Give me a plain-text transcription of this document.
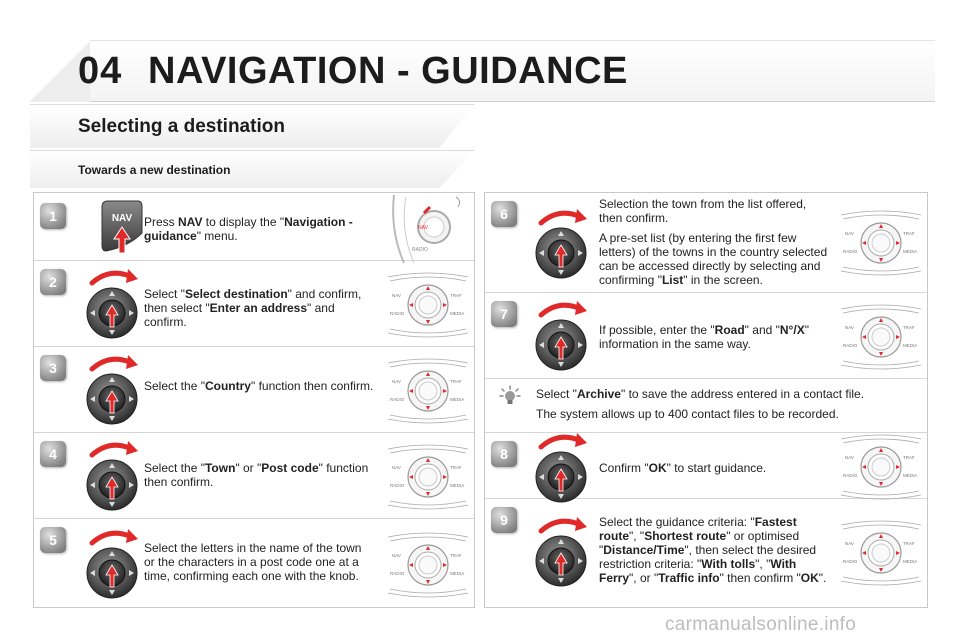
04 NAVIGATION - GUIDANCE
Selecting a destination
Towards a new destination
1	NAV Press NAV to display the "Navigation - guidance" menu.
NAV
RADIO
2
Select "Select destination" and confirm, then select "Enter an address" and confirm.
NAV	TRAF
RADIO	MEDIA
3
Select the "Country" function then confirm.	NAV	TRAF
RADIO	MEDIA
4
Select the "Town" or "Post code" function then confirm.
NAV	TRAF
RADIO	MEDIA
5	Select the letters in the name of the town or the characters in a post code one at a time, confirming each one with the knob.
NAV	TRAF
RADIO	MEDIA
6

Selection the town from the list offered, then confirm.

A pre-set list (by entering the first few letters) of the towns in the country selected can be accessed directly by selecting and confirming "List" in the screen.

NAV	TRAF
RADIO	MEDIA
7
If possible, enter the "Road" and "N°/X" information in the same way.
NAV	TRAF
RADIO	MEDIA

Select "Archive" to save the address entered in a contact file.

The system allows up to 400 contact files to be recorded.

8
Confirm "OK" to start guidance.
NAV	TRAF
RADIO	MEDIA
9	Select the guidance criteria: "Fastest route", "Shortest route" or optimised "Distance/Time", then select the desired restriction criteria: "With tolls", "With Ferry", or "Traffic info" then confirm "OK".
NAV	TRAF
RADIO	MEDIA
carmanualsonline.info
